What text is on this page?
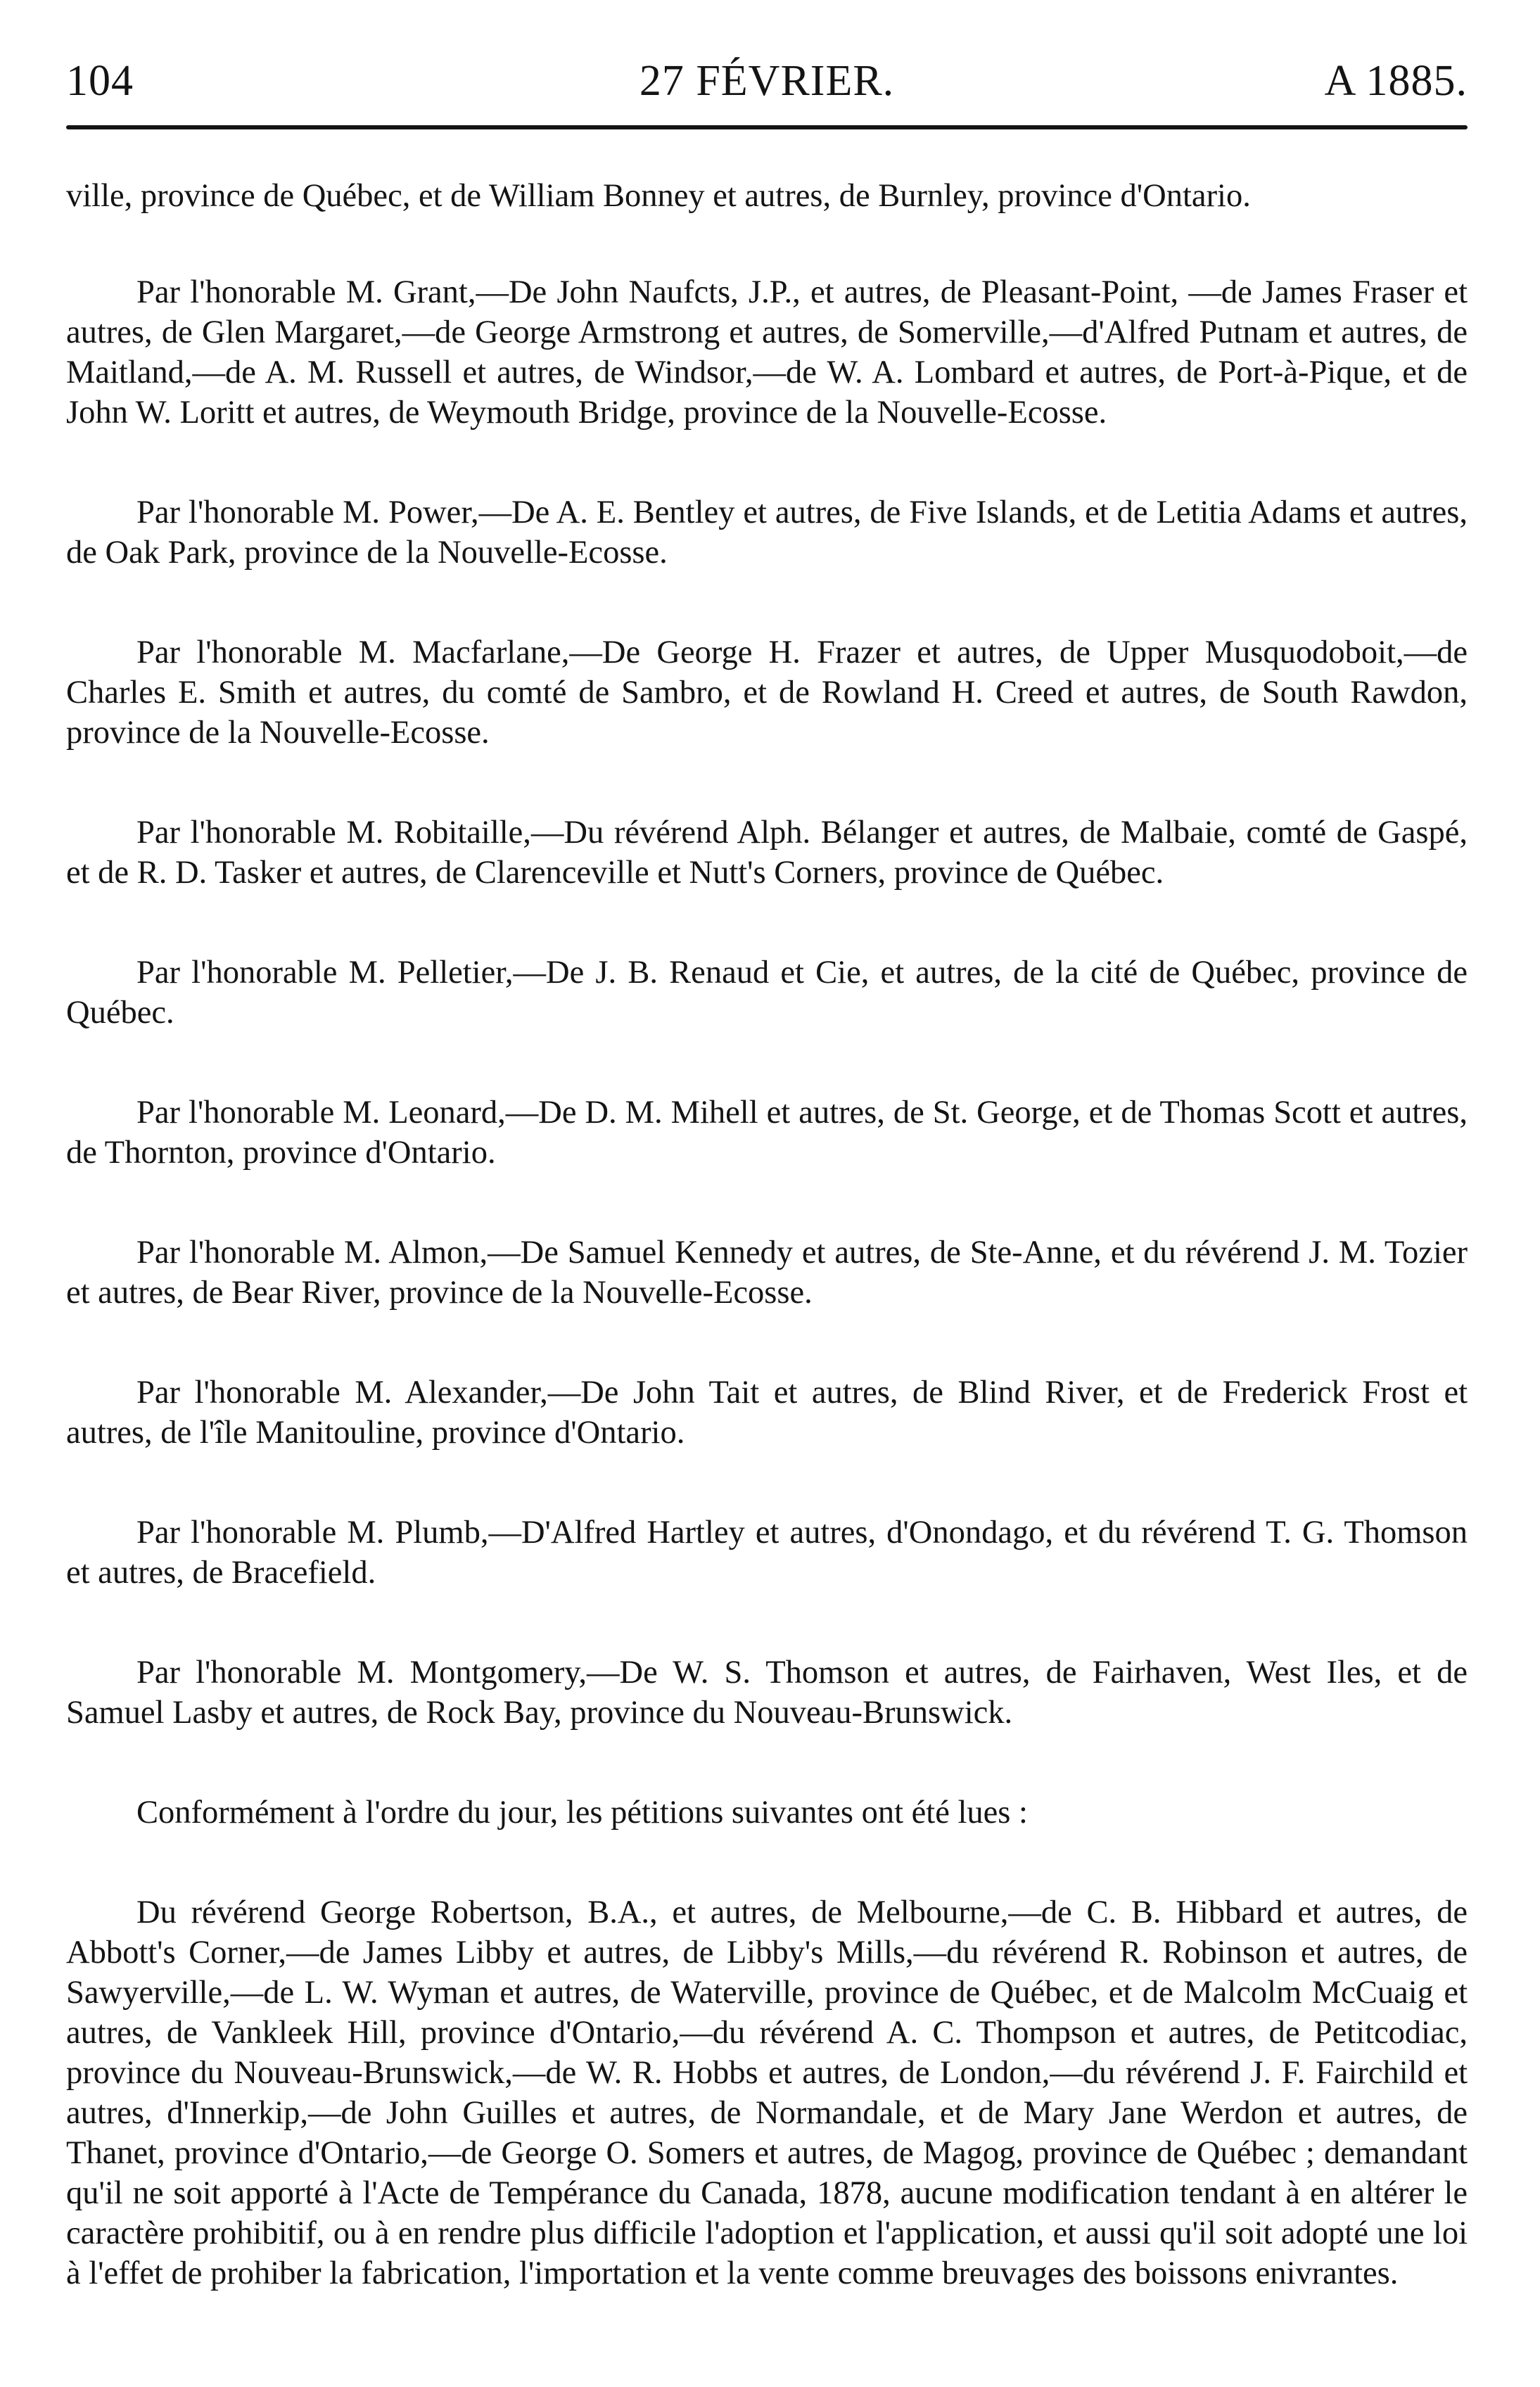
104	27 FÉVRIER.	A 1885.

ville, province de Québec, et de William Bonney et autres, de Burnley, province d'Ontario.

Par l'honorable M. Grant,—De John Naufcts, J.P., et autres, de Pleasant-Point, —de James Fraser et autres, de Glen Margaret,—de George Armstrong et autres, de Somerville,—d'Alfred Putnam et autres, de Maitland,—de A. M. Russell et autres, de Windsor,—de W. A. Lombard et autres, de Port-à-Pique, et de John W. Loritt et autres, de Weymouth Bridge, province de la Nouvelle-Ecosse.

Par l'honorable M. Power,—De A. E. Bentley et autres, de Five Islands, et de Letitia Adams et autres, de Oak Park, province de la Nouvelle-Ecosse.

Par l'honorable M. Macfarlane,—De George H. Frazer et autres, de Upper Musquodoboit,—de Charles E. Smith et autres, du comté de Sambro, et de Rowland H. Creed et autres, de South Rawdon, province de la Nouvelle-Ecosse.

Par l'honorable M. Robitaille,—Du révérend Alph. Bélanger et autres, de Malbaie, comté de Gaspé, et de R. D. Tasker et autres, de Clarenceville et Nutt's Corners, province de Québec.

Par l'honorable M. Pelletier,—De J. B. Renaud et Cie, et autres, de la cité de Québec, province de Québec.

Par l'honorable M. Leonard,—De D. M. Mihell et autres, de St. George, et de Thomas Scott et autres, de Thornton, province d'Ontario.

Par l'honorable M. Almon,—De Samuel Kennedy et autres, de Ste-Anne, et du révérend J. M. Tozier et autres, de Bear River, province de la Nouvelle-Ecosse.

Par l'honorable M. Alexander,—De John Tait et autres, de Blind River, et de Frederick Frost et autres, de l'île Manitouline, province d'Ontario.

Par l'honorable M. Plumb,—D'Alfred Hartley et autres, d'Onondago, et du révérend T. G. Thomson et autres, de Bracefield.

Par l'honorable M. Montgomery,—De W. S. Thomson et autres, de Fairhaven, West Iles, et de Samuel Lasby et autres, de Rock Bay, province du Nouveau-Brunswick.

Conformément à l'ordre du jour, les pétitions suivantes ont été lues :

Du révérend George Robertson, B.A., et autres, de Melbourne,—de C. B. Hibbard et autres, de Abbott's Corner,—de James Libby et autres, de Libby's Mills,—du révérend R. Robinson et autres, de Sawyerville,—de L. W. Wyman et autres, de Waterville, province de Québec, et de Malcolm McCuaig et autres, de Vankleek Hill, province d'Ontario,—du révérend A. C. Thompson et autres, de Petitcodiac, province du Nouveau-Brunswick,—de W. R. Hobbs et autres, de London,—du révérend J. F. Fairchild et autres, d'Innerkip,—de John Guilles et autres, de Normandale, et de Mary Jane Werdon et autres, de Thanet, province d'Ontario,—de George O. Somers et autres, de Magog, province de Québec ; demandant qu'il ne soit apporté à l'Acte de Tempérance du Canada, 1878, aucune modification tendant à en altérer le caractère prohibitif, ou à en rendre plus difficile l'adoption et l'application, et aussi qu'il soit adopté une loi à l'effet de prohiber la fabrication, l'importation et la vente comme breuvages des boissons enivrantes.
